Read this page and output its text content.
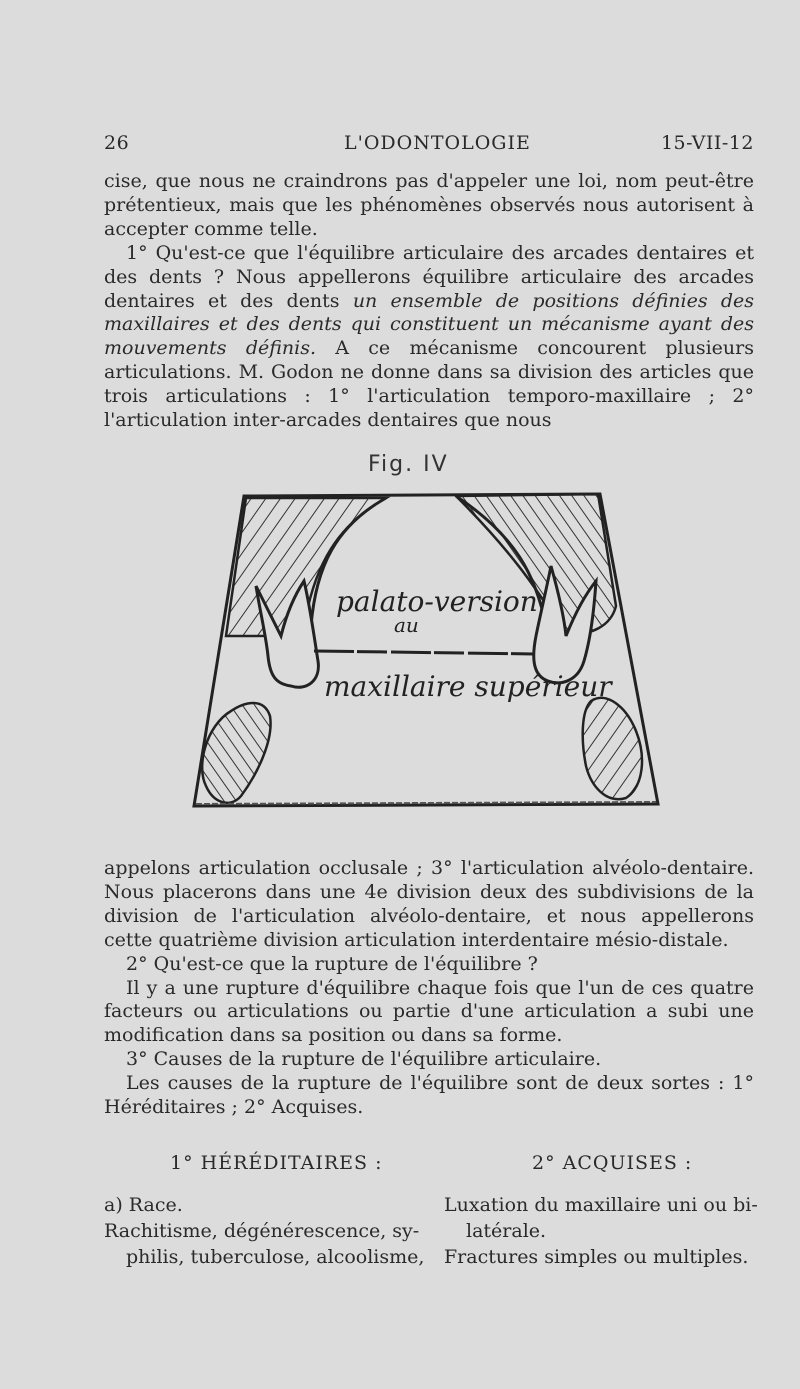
26	L'ODONTOLOGIE	15-VII-12

cise, que nous ne craindrons pas d'appeler une loi, nom peut-être prétentieux, mais que les phénomènes observés nous autorisent à accepter comme telle.

1° Qu'est-ce que l'équilibre articulaire des arcades dentaires et des dents ? Nous appellerons équilibre articulaire des arcades dentaires et des dents un ensemble de positions définies des maxillaires et des dents qui constituent un mécanisme ayant des mouvements définis. A ce mécanisme concourent plusieurs articulations. M. Godon ne donne dans sa division des articles que trois articulations : 1° l'articulation temporo-maxillaire ; 2° l'articulation inter-arcades dentaires que nous

Fig. IV
palato-version
au
maxillaire supérieur

appelons articulation occlusale ; 3° l'articulation alvéolo-dentaire. Nous placerons dans une 4e division deux des subdivisions de la division de l'articulation alvéolo-dentaire, et nous appellerons cette quatrième division articulation interdentaire mésio-distale.

2° Qu'est-ce que la rupture de l'équilibre ?

Il y a une rupture d'équilibre chaque fois que l'un de ces quatre facteurs ou articulations ou partie d'une articulation a subi une modification dans sa position ou dans sa forme.

3° Causes de la rupture de l'équilibre articulaire.

Les causes de la rupture de l'équilibre sont de deux sortes : 1° Héréditaires ; 2° Acquises.

1° HÉRÉDITAIRES :
a) Race.
Rachitisme, dégénérescence, sy-
philis, tuberculose, alcoolisme,
2° ACQUISES :
Luxation du maxillaire uni ou bi-
latérale.
Fractures simples ou multiples.
